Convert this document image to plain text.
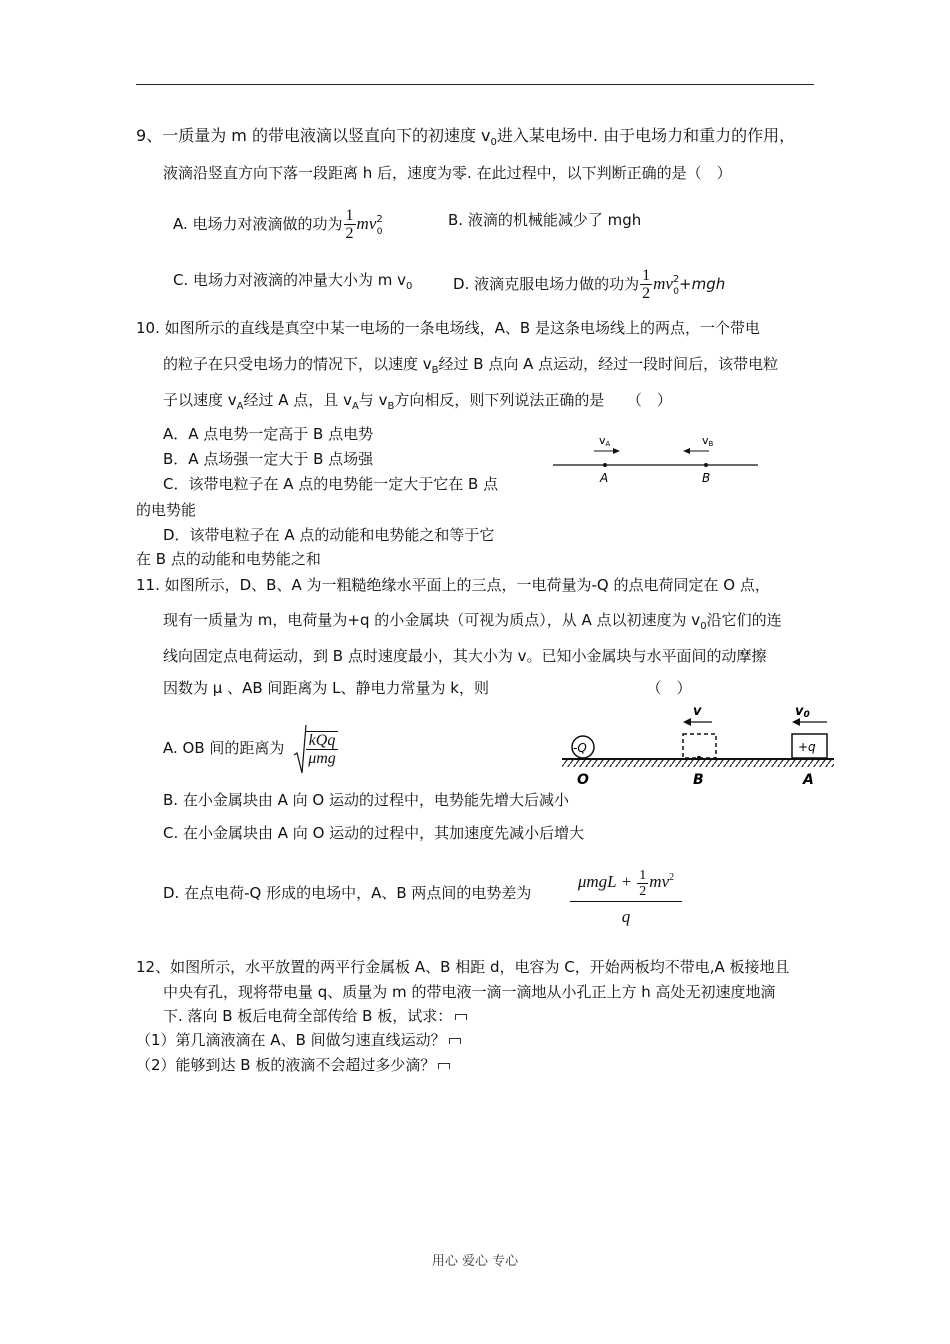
9、一质量为 m 的带电液滴以竖直向下的初速度 $v_0$进入某电场中. 由于电场力和重力的作用，
液滴沿竖直方向下落一段距离 h 后，速度为零. 在此过程中，以下判断正确的是（　）
A. 电场力对液滴做的功为 $\frac{1}{2} mv^2_0$
B. 液滴的机械能减少了 mgh
C. 电场力对液滴的冲量大小为 m $v_0$	D. 液滴克服电场力做的功为 $\frac{1}{2} mv^2_0+mgh$
10. 如图所示的直线是真空中某一电场的一条电场线，A、B 是这条电场线上的两点，一个带电
的粒子在只受电场力的情况下，以速度 $v_B$经过 B 点向 A 点运动，经过一段时间后，该带电粒
子以速度 $v_A$经过 A 点，且 $v_A$与 $v_B$方向相反，则下列说法正确的是　　（　）
A．A 点电势一定高于 B 点电势
B．A 点场强一定大于 B 点场强
C．该带电粒子在 A 点的电势能一定大于它在 B 点
的电势能
D．该带电粒子在 A 点的动能和电势能之和等于它
在 B 点的动能和电势能之和
vA	vB
A	B
11. 如图所示，D、B、A 为一粗糙绝缘水平面上的三点，一电荷量为-Q 的点电荷同定在 O 点，
现有一质量为 m，电荷量为+q 的小金属块（可视为质点），从 A 点以初速度为 $v_0$沿它们的连
线向固定点电荷运动，到 B 点时速度最小，其大小为 v。已知小金属块与水平面间的动摩擦
因数为 μ 、AB 间距离为 L、静电力常量为 k，则　　　　　　　　　　　（　）
A. OB 间的距离为 $\frac{\text{kQq}}{\text{μmg}}$
B. 在小金属块由 A 向 O 运动的过程中，电势能先增大后减小
C. 在小金属块由 A 向 O 运动的过程中，其加速度先减小后增大
D. 在点电荷-Q 形成的电场中，A、B 两点间的电势差为
$\mu mgL + \frac{1}{2} mv^2$
q
-Q
v
+q
v0
O	B	A
12、如图所示，水平放置的两平行金属板 A、B 相距 d，电容为 C，开始两板均不带电,A 板接地且
中央有孔，现将带电量 q、质量为 m 的带电液一滴一滴地从小孔正上方 h 高处无初速度地滴
下. 落向 B 板后电荷全部传给 B 板，试求：
（1）第几滴液滴在 A、B 间做匀速直线运动？
（2）能够到达 B 板的液滴不会超过多少滴？
用心 爱心 专心
